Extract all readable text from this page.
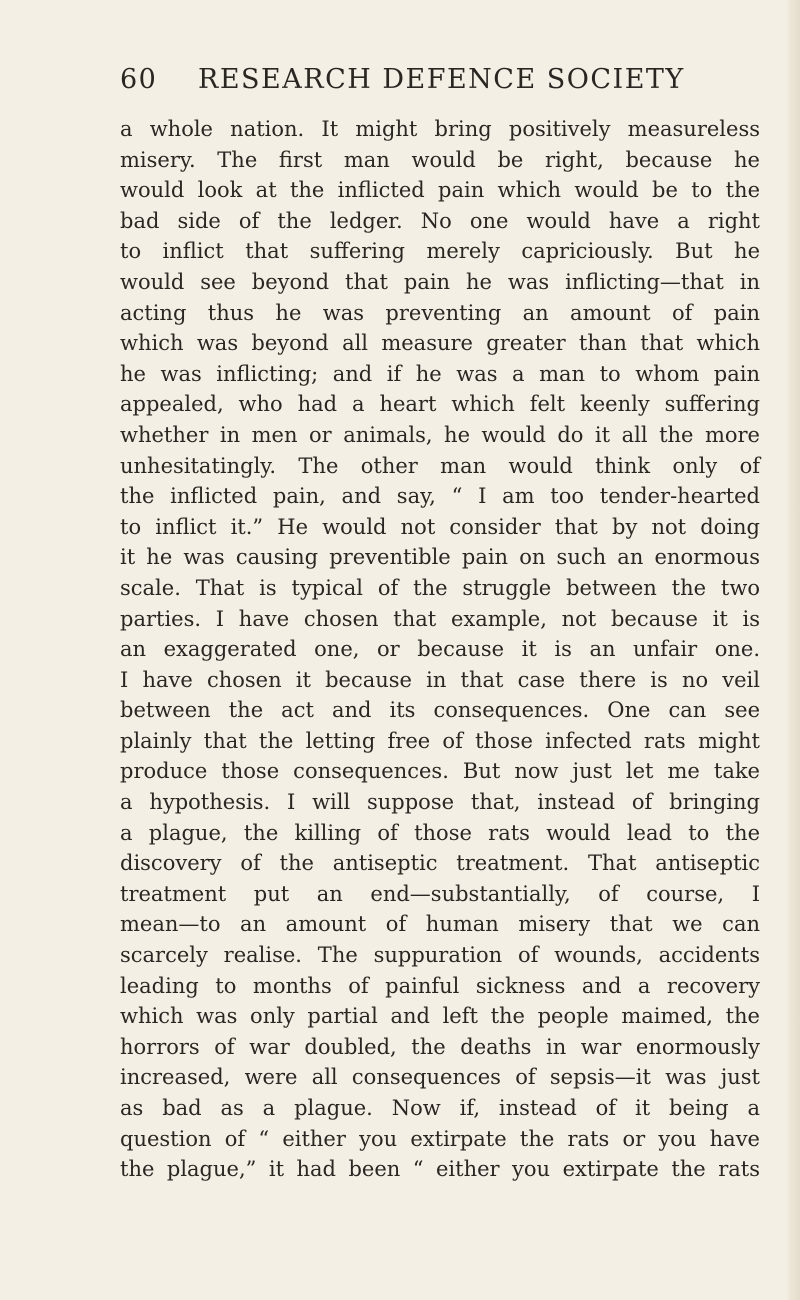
60 RESEARCH DEFENCE SOCIETY
a whole nation. It might bring positively measureless
misery. The first man would be right, because he
would look at the inflicted pain which would be to the
bad side of the ledger. No one would have a right
to inflict that suffering merely capriciously. But he
would see beyond that pain he was inflicting—that in
acting thus he was preventing an amount of pain
which was beyond all measure greater than that which
he was inflicting; and if he was a man to whom pain
appealed, who had a heart which felt keenly suffering
whether in men or animals, he would do it all the more
unhesitatingly. The other man would think only of
the inflicted pain, and say, “ I am too tender-hearted
to inflict it.” He would not consider that by not doing
it he was causing preventible pain on such an enormous
scale. That is typical of the struggle between the two
parties. I have chosen that example, not because it is
an exaggerated one, or because it is an unfair one.
I have chosen it because in that case there is no veil
between the act and its consequences. One can see
plainly that the letting free of those infected rats might
produce those consequences. But now just let me take
a hypothesis. I will suppose that, instead of bringing
a plague, the killing of those rats would lead to the
discovery of the antiseptic treatment. That antiseptic
treatment put an end—substantially, of course, I
mean—to an amount of human misery that we can
scarcely realise. The suppuration of wounds, accidents
leading to months of painful sickness and a recovery
which was only partial and left the people maimed, the
horrors of war doubled, the deaths in war enormously
increased, were all consequences of sepsis—it was just
as bad as a plague. Now if, instead of it being a
question of “ either you extirpate the rats or you have
the plague,” it had been “ either you extirpate the rats
